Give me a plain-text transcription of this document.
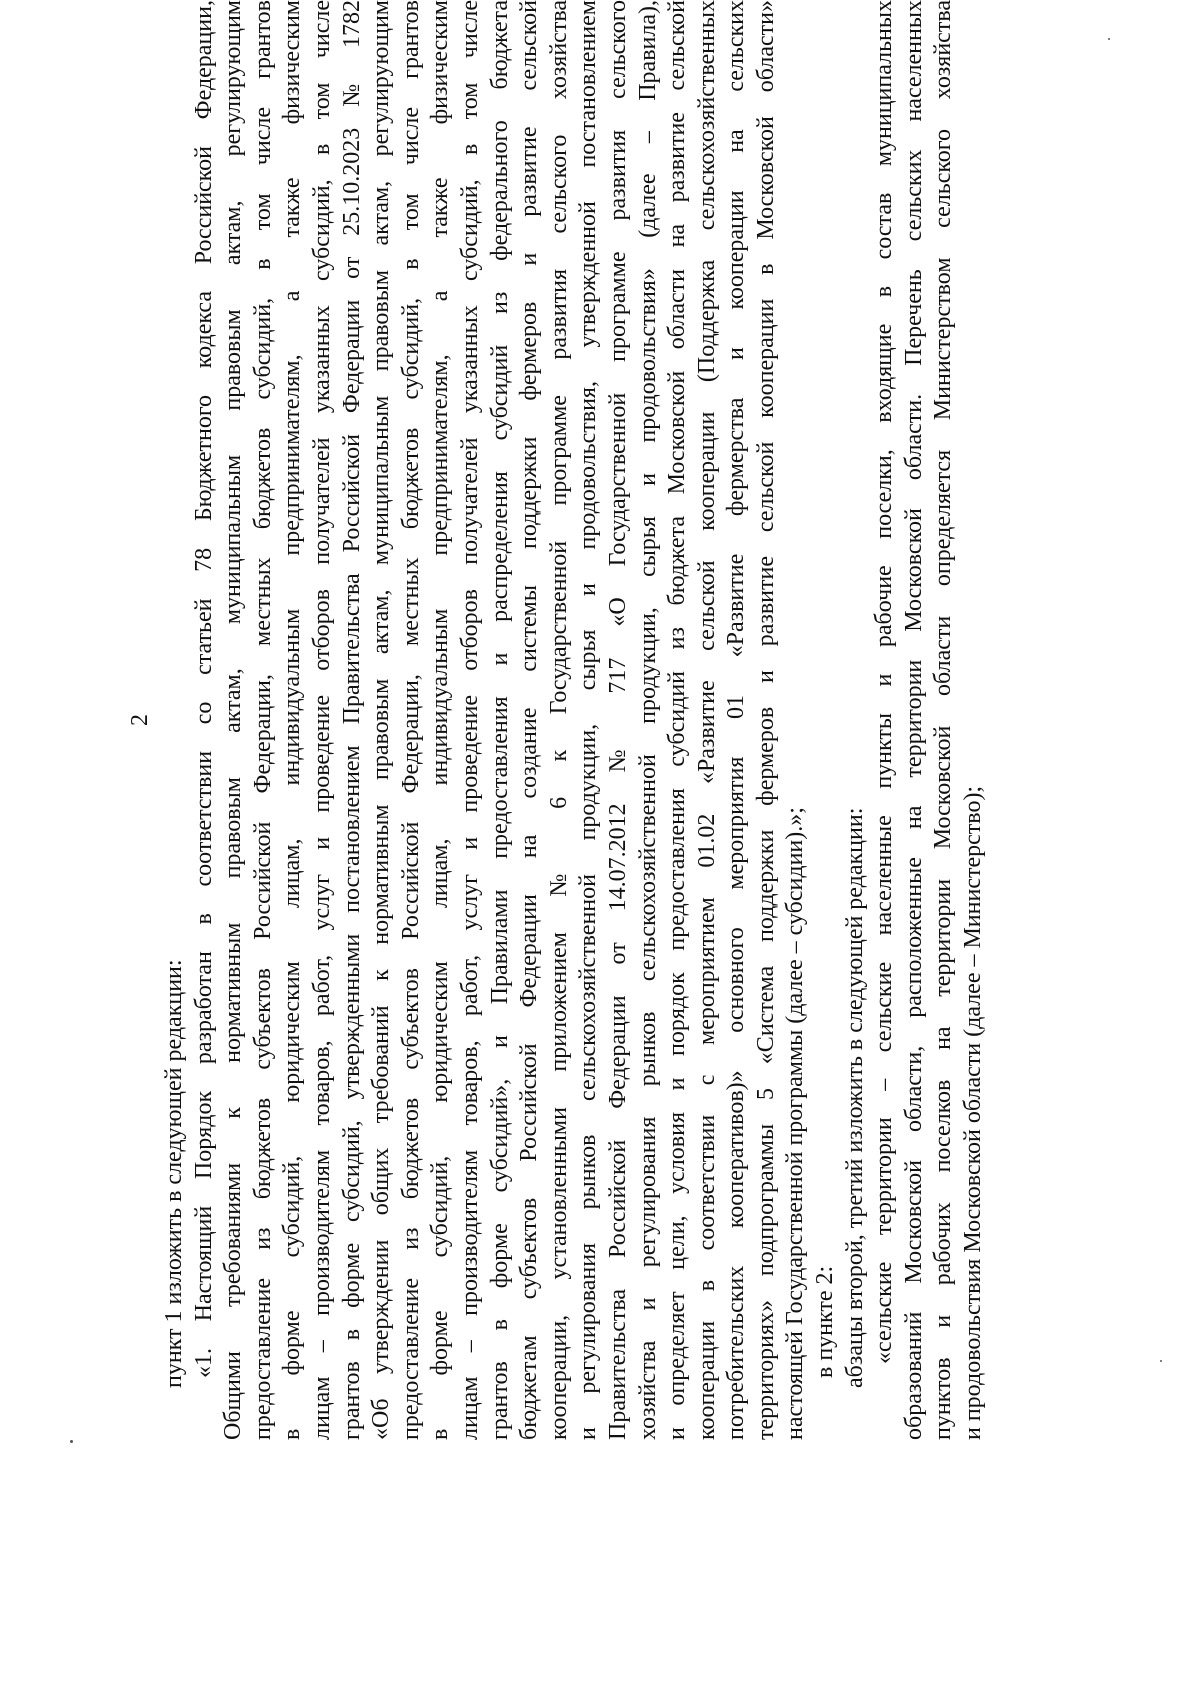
2
пункт 1 изложить в следующей редакции: «1. Настоящий Порядок разработан в соответствии со статьей 78 Бюджетного кодекса Российской Федерации, Общими требованиями к нормативным правовым актам, муниципальным правовым актам, регулирующим предоставление из бюджетов субъектов Российской Федерации, местных бюджетов субсидий, в том числе грантов в форме субсидий, юридическим лицам, индивидуальным предпринимателям, а также физическим лицам – производителям товаров, работ, услуг и проведение отборов получателей указанных субсидий, в том числе грантов в форме субсидий, утвержденными постановлением Правительства Российской Федерации от 25.10.2023 № 1782 «Об утверждении общих требований к нормативным правовым актам, муниципальным правовым актам, регулирующим предоставление из бюджетов субъектов Российской Федерации, местных бюджетов субсидий, в том числе грантов в форме субсидий, юридическим лицам, индивидуальным предпринимателям, а также физическим лицам – производителям товаров, работ, услуг и проведение отборов получателей указанных субсидий, в том числе грантов в форме субсидий», и Правилами предоставления и распределения субсидий из федерального бюджета бюджетам субъектов Российской Федерации на создание системы поддержки фермеров и развитие сельской кооперации, установленными приложением № 6 к Государственной программе развития сельского хозяйства и регулирования рынков сельскохозяйственной продукции, сырья и продовольствия, утвержденной постановлением Правительства Российской Федерации от 14.07.2012 № 717 «О Государственной программе развития сельского хозяйства и регулирования рынков сельскохозяйственной продукции, сырья и продовольствия» (далее – Правила), и определяет цели, условия и порядок предоставления субсидий из бюджета Московской области на развитие сельской кооперации в соответствии с мероприятием 01.02 «Развитие сельской кооперации (Поддержка сельскохозяйственных потребительских кооперативов)» основного мероприятия 01 «Развитие фермерства и кооперации на сельских территориях» подпрограммы 5 «Система поддержки фермеров и развитие сельской кооперации в Московской области» настоящей Государственной программы (далее – субсидии).»; в пункте 2: абзацы второй, третий изложить в следующей редакции: «сельские территории – сельские населенные пункты и рабочие поселки, входящие в состав муниципальных образований Московской области, расположенные на территории Московской области. Перечень сельских населенных пунктов и рабочих поселков на территории Московской области определяется Министерством сельского хозяйства и продовольствия Московской области (далее – Министерство);
